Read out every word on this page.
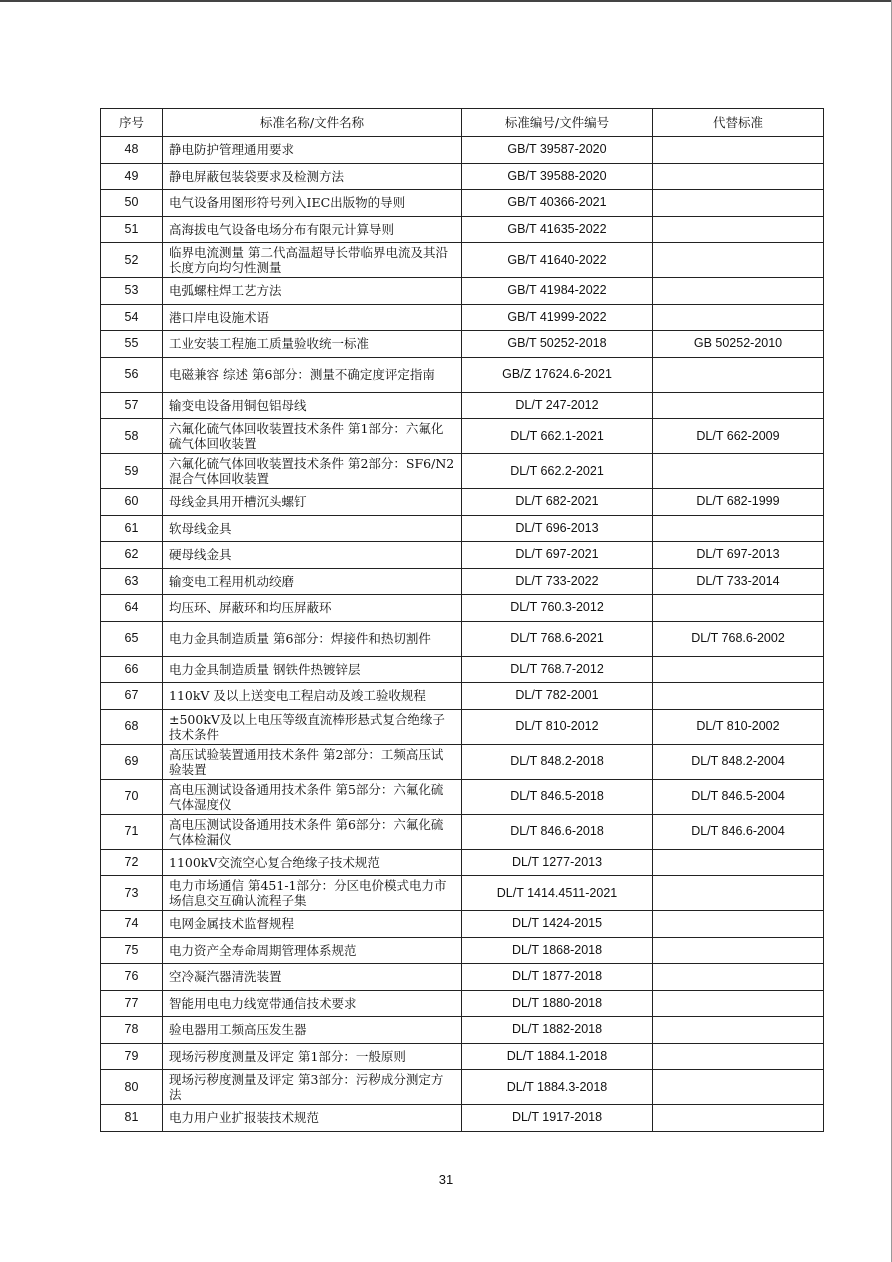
序号	标准名称/文件名称	标准编号/文件编号	代替标准
48	静电防护管理通用要求	GB/T 39587-2020	
49	静电屏蔽包装袋要求及检测方法	GB/T 39588-2020	
50	电气设备用图形符号列入IEC出版物的导则	GB/T 40366-2021	
51	高海拔电气设备电场分布有限元计算导则	GB/T 41635-2022	
52	临界电流测量 第二代高温超导长带临界电流及其沿长度方向均匀性测量	GB/T 41640-2022	
53	电弧螺柱焊工艺方法	GB/T 41984-2022	
54	港口岸电设施术语	GB/T 41999-2022	
55	工业安装工程施工质量验收统一标准	GB/T 50252-2018	GB 50252-2010
56	电磁兼容 综述 第6部分：测量不确定度评定指南	GB/Z 17624.6-2021	
57	输变电设备用铜包铝母线	DL/T 247-2012	
58	六氟化硫气体回收装置技术条件 第1部分：六氟化硫气体回收装置	DL/T 662.1-2021	DL/T 662-2009
59	六氟化硫气体回收装置技术条件 第2部分：SF6/N2混合气体回收装置	DL/T 662.2-2021	
60	母线金具用开槽沉头螺钉	DL/T 682-2021	DL/T 682-1999
61	软母线金具	DL/T 696-2013	
62	硬母线金具	DL/T 697-2021	DL/T 697-2013
63	输变电工程用机动绞磨	DL/T 733-2022	DL/T 733-2014
64	均压环、屏蔽环和均压屏蔽环	DL/T 760.3-2012	
65	电力金具制造质量 第6部分：焊接件和热切割件	DL/T 768.6-2021	DL/T 768.6-2002
66	电力金具制造质量 钢铁件热镀锌层	DL/T 768.7-2012	
67	110kV 及以上送变电工程启动及竣工验收规程	DL/T 782-2001	
68	±500kV及以上电压等级直流棒形悬式复合绝缘子技术条件	DL/T 810-2012	DL/T 810-2002
69	高压试验装置通用技术条件 第2部分：工频高压试验装置	DL/T 848.2-2018	DL/T 848.2-2004
70	高电压测试设备通用技术条件 第5部分：六氟化硫气体湿度仪	DL/T 846.5-2018	DL/T 846.5-2004
71	高电压测试设备通用技术条件 第6部分：六氟化硫气体检漏仪	DL/T 846.6-2018	DL/T 846.6-2004
72	1100kV交流空心复合绝缘子技术规范	DL/T 1277-2013	
73	电力市场通信 第451-1部分：分区电价模式电力市场信息交互确认流程子集	DL/T 1414.4511-2021	
74	电网金属技术监督规程	DL/T 1424-2015	
75	电力资产全寿命周期管理体系规范	DL/T 1868-2018	
76	空冷凝汽器清洗装置	DL/T 1877-2018	
77	智能用电电力线宽带通信技术要求	DL/T 1880-2018	
78	验电器用工频高压发生器	DL/T 1882-2018	
79	现场污秽度测量及评定 第1部分：一般原则	DL/T 1884.1-2018	
80	现场污秽度测量及评定 第3部分：污秽成分测定方法	DL/T 1884.3-2018	
81	电力用户业扩报装技术规范	DL/T 1917-2018	
31
